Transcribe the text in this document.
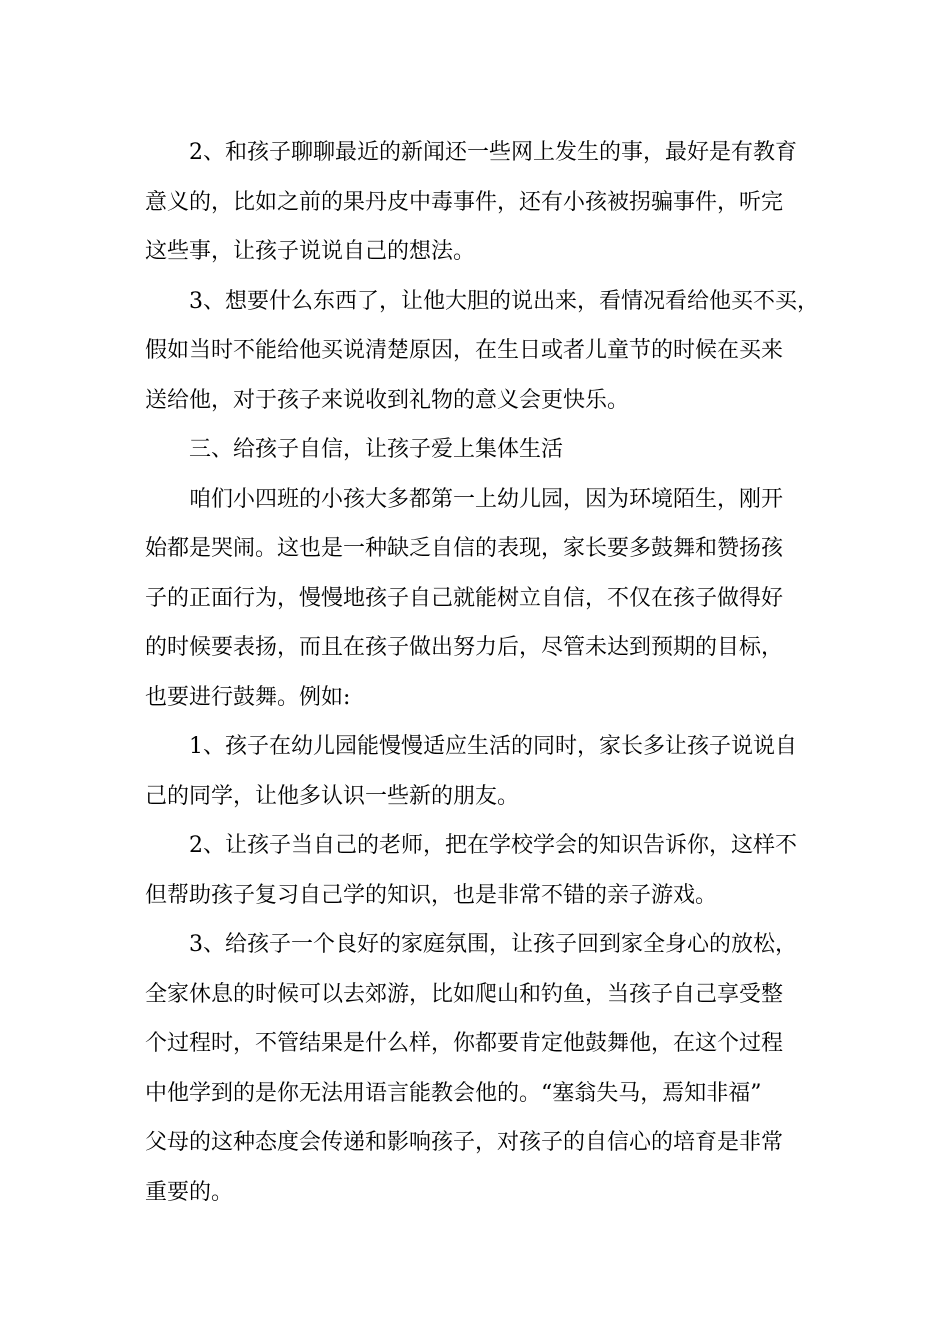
2、和孩子聊聊最近的新闻还一些网上发生的事，最好是有教育
意义的，比如之前的果丹皮中毒事件，还有小孩被拐骗事件，听完
这些事，让孩子说说自己的想法。
3、想要什么东西了，让他大胆的说出来，看情况看给他买不买，
假如当时不能给他买说清楚原因，在生日或者儿童节的时候在买来
送给他，对于孩子来说收到礼物的意义会更快乐。
三、给孩子自信，让孩子爱上集体生活
咱们小四班的小孩大多都第一上幼儿园，因为环境陌生，刚开
始都是哭闹。这也是一种缺乏自信的表现，家长要多鼓舞和赞扬孩
子的正面行为，慢慢地孩子自己就能树立自信，不仅在孩子做得好
的时候要表扬，而且在孩子做出努力后，尽管未达到预期的目标，
也要进行鼓舞。例如:
1、孩子在幼儿园能慢慢适应生活的同时，家长多让孩子说说自
己的同学，让他多认识一些新的朋友。
2、让孩子当自己的老师，把在学校学会的知识告诉你，这样不
但帮助孩子复习自己学的知识，也是非常不错的亲子游戏。
3、给孩子一个良好的家庭氛围，让孩子回到家全身心的放松，
全家休息的时候可以去郊游，比如爬山和钓鱼，当孩子自己享受整
个过程时，不管结果是什么样，你都要肯定他鼓舞他，在这个过程
中他学到的是你无法用语言能教会他的。“塞翁失马，焉知非福”
父母的这种态度会传递和影响孩子，对孩子的自信心的培育是非常
重要的。
